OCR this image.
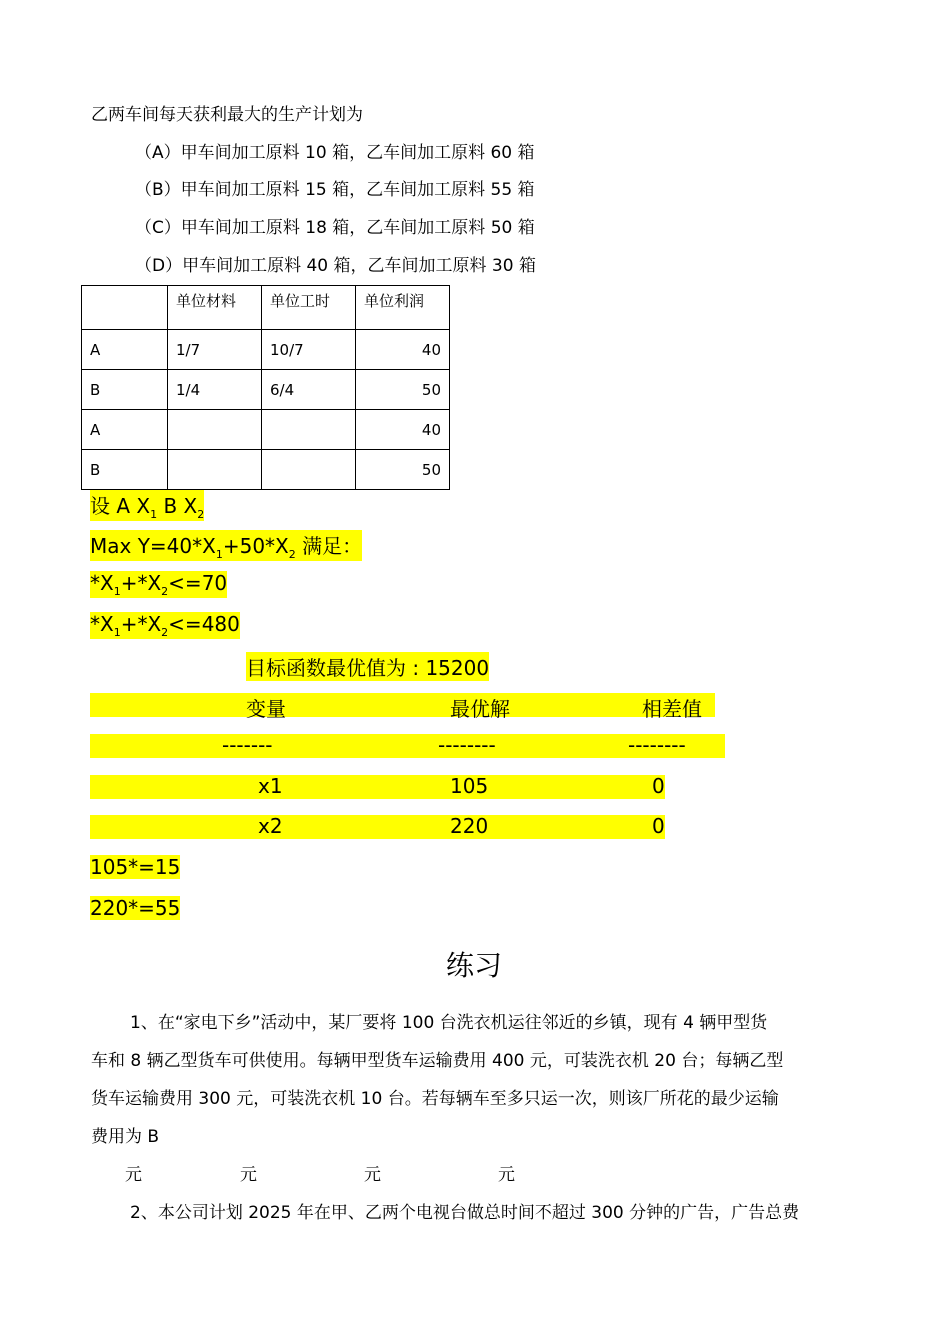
乙两车间每天获利最大的生产计划为
（A）甲车间加工原料 10 箱，乙车间加工原料 60 箱
（B）甲车间加工原料 15 箱，乙车间加工原料 55 箱
（C）甲车间加工原料 18 箱，乙车间加工原料 50 箱
（D）甲车间加工原料 40 箱，乙车间加工原料 30 箱
	单位材料	单位工时	单位利润
A	1/7	10/7	40
B	1/4	6/4	50
A			40
B			50
设 A $X_1$ B $X_2$
Max $Y=40*X_1+50*X_2$ 满足：
$*X_1+*X_2<=70$
$*X_1+*X_2<=480$
目标函数最优值为 : 15200
变量	最优解	相差值
-------	--------	--------
x1	105	0
x2	220	0
105*=15
220*=55
练习
1、在“家电下乡”活动中，某厂要将 100 台洗衣机运往邻近的乡镇，现有 4 辆甲型货
车和 8 辆乙型货车可供使用。每辆甲型货车运输费用 400 元，可装洗衣机 20 台；每辆乙型
货车运输费用 300 元，可装洗衣机 10 台。若每辆车至多只运一次，则该厂所花的最少运输
费用为 B
元	元	元	元
2、本公司计划 2025 年在甲、乙两个电视台做总时间不超过 300 分钟的广告，广告总费
